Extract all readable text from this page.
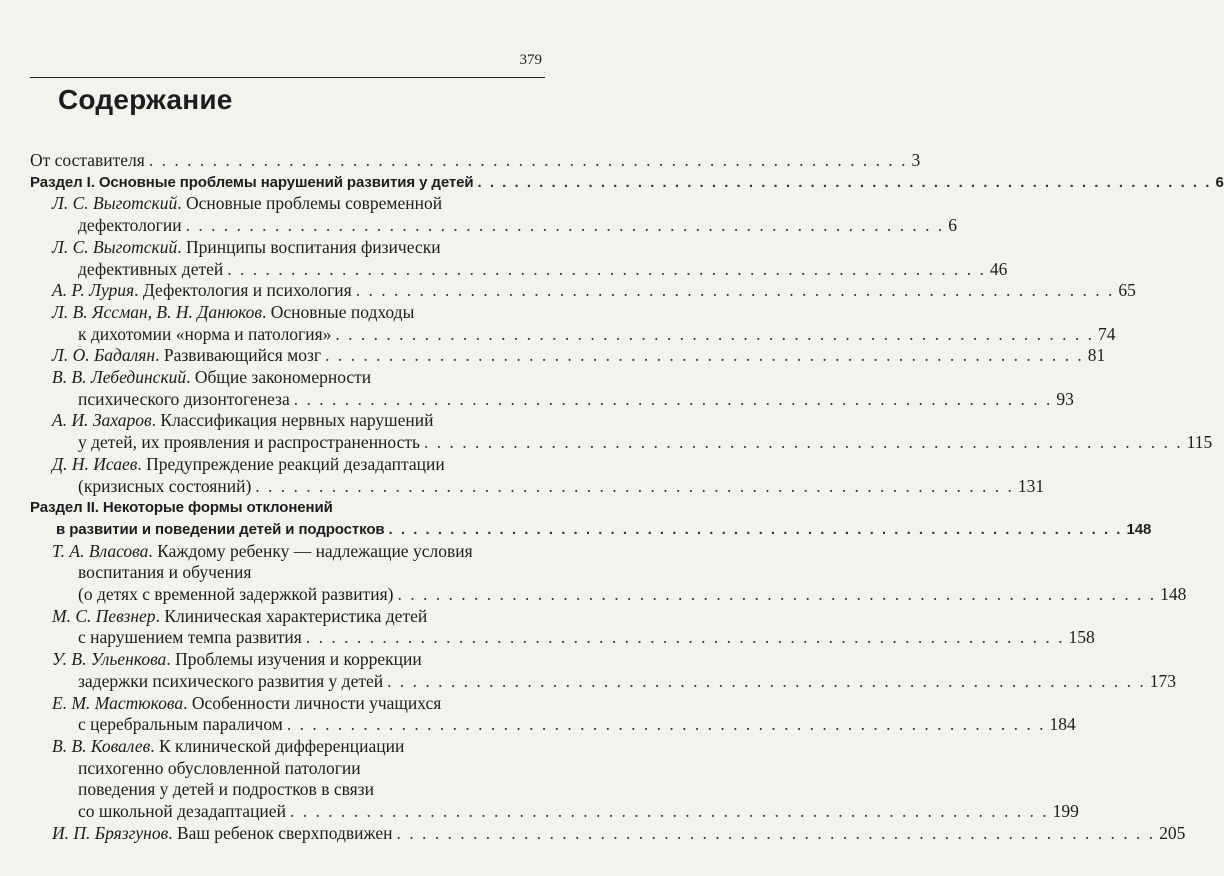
379
Содержание
От составителя . . . . . . . . . . . . . . . . . . . . . . . . . . . . . . . . . . . . . . . . . . . . . . . . . . . . . . . . . . . . 3
Раздел I. Основные проблемы нарушений развития у детей . . . . . . . . . . . . . . . . . . . . . . . . . . . . . . . . . . . . . . . . . . . . . . . . . . . . . . . . . . . . 6
Л. С. Выготский. Основные проблемы современной
дефектологии . . . . . . . . . . . . . . . . . . . . . . . . . . . . . . . . . . . . . . . . . . . . . . . . . . . . . . . . . . . . 6
Л. С. Выготский. Принципы воспитания физически
дефективных детей . . . . . . . . . . . . . . . . . . . . . . . . . . . . . . . . . . . . . . . . . . . . . . . . . . . . . . . . . . . . 46
А. Р. Лурия. Дефектология и психология . . . . . . . . . . . . . . . . . . . . . . . . . . . . . . . . . . . . . . . . . . . . . . . . . . . . . . . . . . . . 65
Л. В. Яссман, В. Н. Данюков. Основные подходы
к дихотомии «норма и патология» . . . . . . . . . . . . . . . . . . . . . . . . . . . . . . . . . . . . . . . . . . . . . . . . . . . . . . . . . . . . 74
Л. О. Бадалян. Развивающийся мозг . . . . . . . . . . . . . . . . . . . . . . . . . . . . . . . . . . . . . . . . . . . . . . . . . . . . . . . . . . . . 81
В. В. Лебединский. Общие закономерности
психического дизонтогенеза . . . . . . . . . . . . . . . . . . . . . . . . . . . . . . . . . . . . . . . . . . . . . . . . . . . . . . . . . . . . 93
А. И. Захаров. Классификация нервных нарушений
у детей, их проявления и распространенность . . . . . . . . . . . . . . . . . . . . . . . . . . . . . . . . . . . . . . . . . . . . . . . . . . . . . . . . . . . . 115
Д. Н. Исаев. Предупреждение реакций дезадаптации
(кризисных состояний) . . . . . . . . . . . . . . . . . . . . . . . . . . . . . . . . . . . . . . . . . . . . . . . . . . . . . . . . . . . . 131
Раздел II. Некоторые формы отклонений
в развитии и поведении детей и подростков . . . . . . . . . . . . . . . . . . . . . . . . . . . . . . . . . . . . . . . . . . . . . . . . . . . . . . . . . . . . 148
Т. А. Власова. Каждому ребенку — надлежащие условия
воспитания и обучения
(о детях с временной задержкой развития) . . . . . . . . . . . . . . . . . . . . . . . . . . . . . . . . . . . . . . . . . . . . . . . . . . . . . . . . . . . . 148
М. С. Певзнер. Клиническая характеристика детей
с нарушением темпа развития . . . . . . . . . . . . . . . . . . . . . . . . . . . . . . . . . . . . . . . . . . . . . . . . . . . . . . . . . . . . 158
У. В. Ульенкова. Проблемы изучения и коррекции
задержки психического развития у детей . . . . . . . . . . . . . . . . . . . . . . . . . . . . . . . . . . . . . . . . . . . . . . . . . . . . . . . . . . . . 173
Е. М. Мастюкова. Особенности личности учащихся
с церебральным параличом . . . . . . . . . . . . . . . . . . . . . . . . . . . . . . . . . . . . . . . . . . . . . . . . . . . . . . . . . . . . 184
В. В. Ковалев. К клинической дифференциации
психогенно обусловленной патологии
поведения у детей и подростков в связи
со школьной дезадаптацией . . . . . . . . . . . . . . . . . . . . . . . . . . . . . . . . . . . . . . . . . . . . . . . . . . . . . . . . . . . . 199
И. П. Брязгунов. Ваш ребенок сверхподвижен . . . . . . . . . . . . . . . . . . . . . . . . . . . . . . . . . . . . . . . . . . . . . . . . . . . . . . . . . . . . 205
